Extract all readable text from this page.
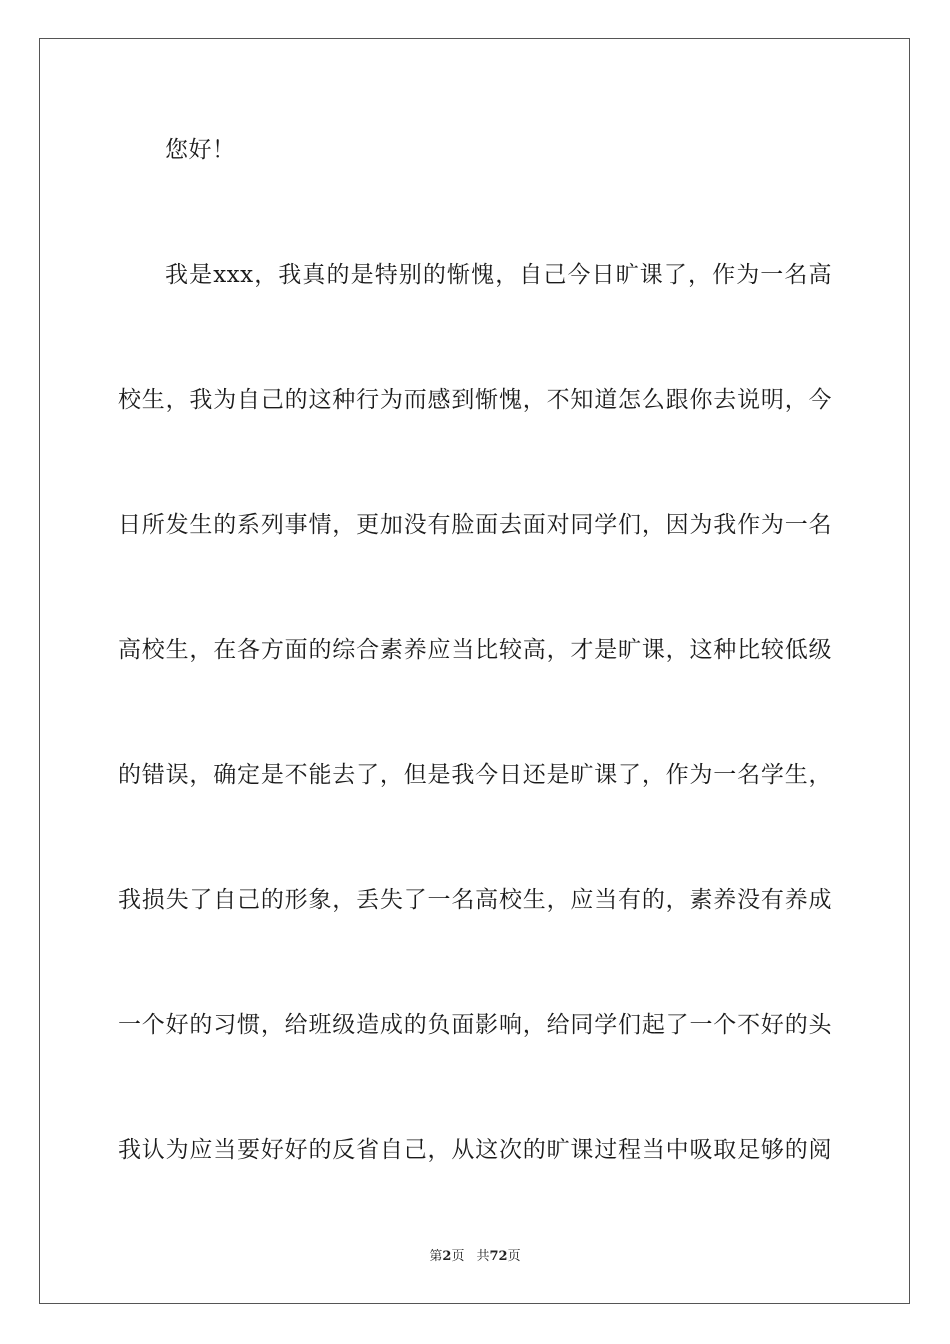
您好！
我是xxx，我真的是特别的惭愧，自己今日旷课了，作为一名高
校生，我为自己的这种行为而感到惭愧，不知道怎么跟你去说明，今
日所发生的系列事情，更加没有脸面去面对同学们，因为我作为一名
高校生，在各方面的综合素养应当比较高，才是旷课，这种比较低级
的错误，确定是不能去了，但是我今日还是旷课了，作为一名学生，
我损失了自己的形象，丢失了一名高校生，应当有的，素养没有养成
一个好的习惯，给班级造成的负面影响，给同学们起了一个不好的头
我认为应当要好好的反省自己，从这次的旷课过程当中吸取足够的阅
第2页 共72页
